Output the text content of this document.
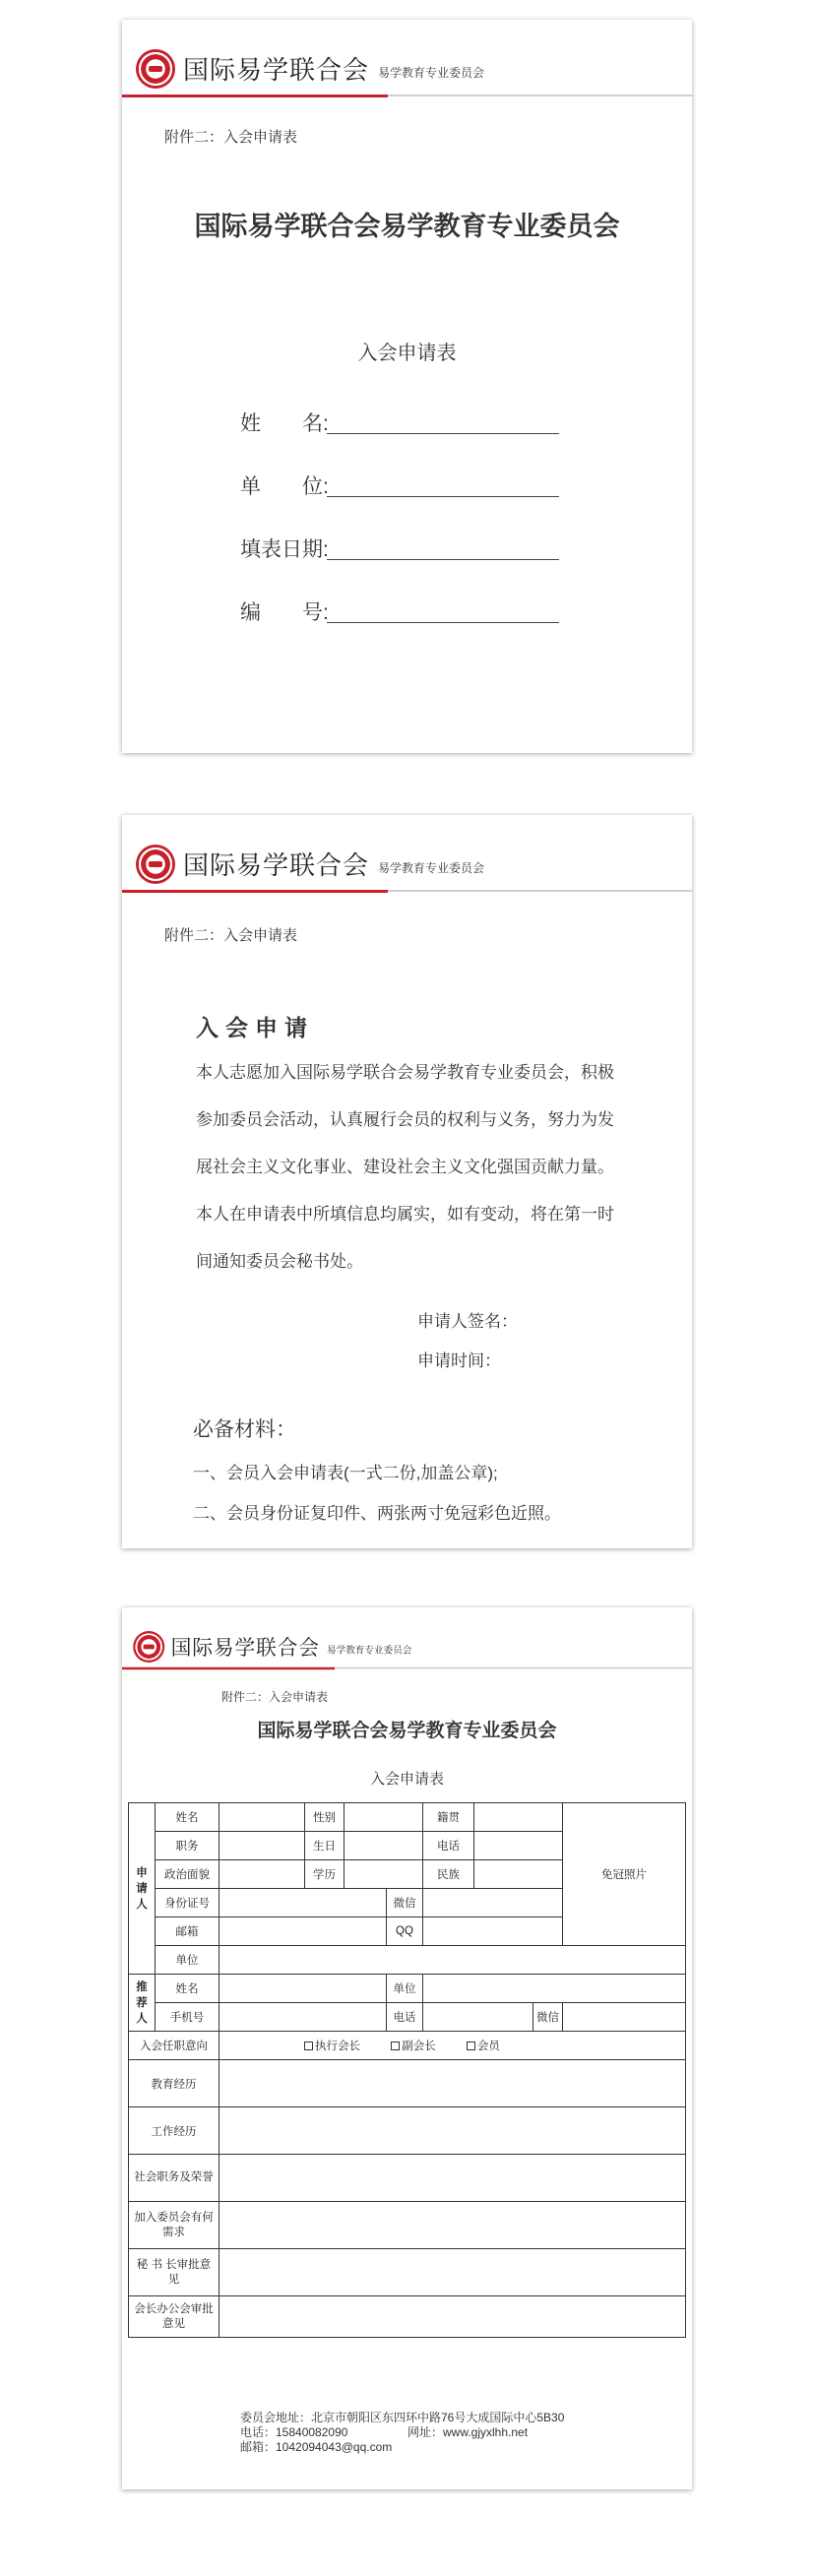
国际易学联合会 易学教育专业委员会
附件二：入会申请表
国际易学联合会易学教育专业委员会
入会申请表
姓　　名:
单　　位:
填表日期:
编　　号:
国际易学联合会 易学教育专业委员会
附件二：入会申请表
入会申请
本人志愿加入国际易学联合会易学教育专业委员会，积极参加委员会活动，认真履行会员的权利与义务，努力为发展社会主义文化事业、建设社会主义文化强国贡献力量。本人在申请表中所填信息均属实，如有变动，将在第一时间通知委员会秘书处。
申请人签名：
申请时间：
必备材料：
一、会员入会申请表(一式二份,加盖公章);
二、会员身份证复印件、两张两寸免冠彩色近照。
国际易学联合会 易学教育专业委员会
附件二：入会申请表
国际易学联合会易学教育专业委员会
入会申请表
申请人	姓名		性别			籍贯			免冠照片
	职务		生日			电话			
	政治面貌		学历			民族			
	身份证号				微信				
	邮箱				QQ				
	单位								
推荐人	姓名				单位				
	手机号				电话			微信	
入会任职意向		执行会长 副会长 会员							
教育经历									
工作经历									
社会职务及荣誉									
加入委员会有何需求									
秘 书 长审批意见									
会长办公会审批意见									
委员会地址：北京市朝阳区东四环中路76号大成国际中心5B30
电话：15840082090	网址：www.gjyxlhh.net
邮箱：1042094043@qq.com
